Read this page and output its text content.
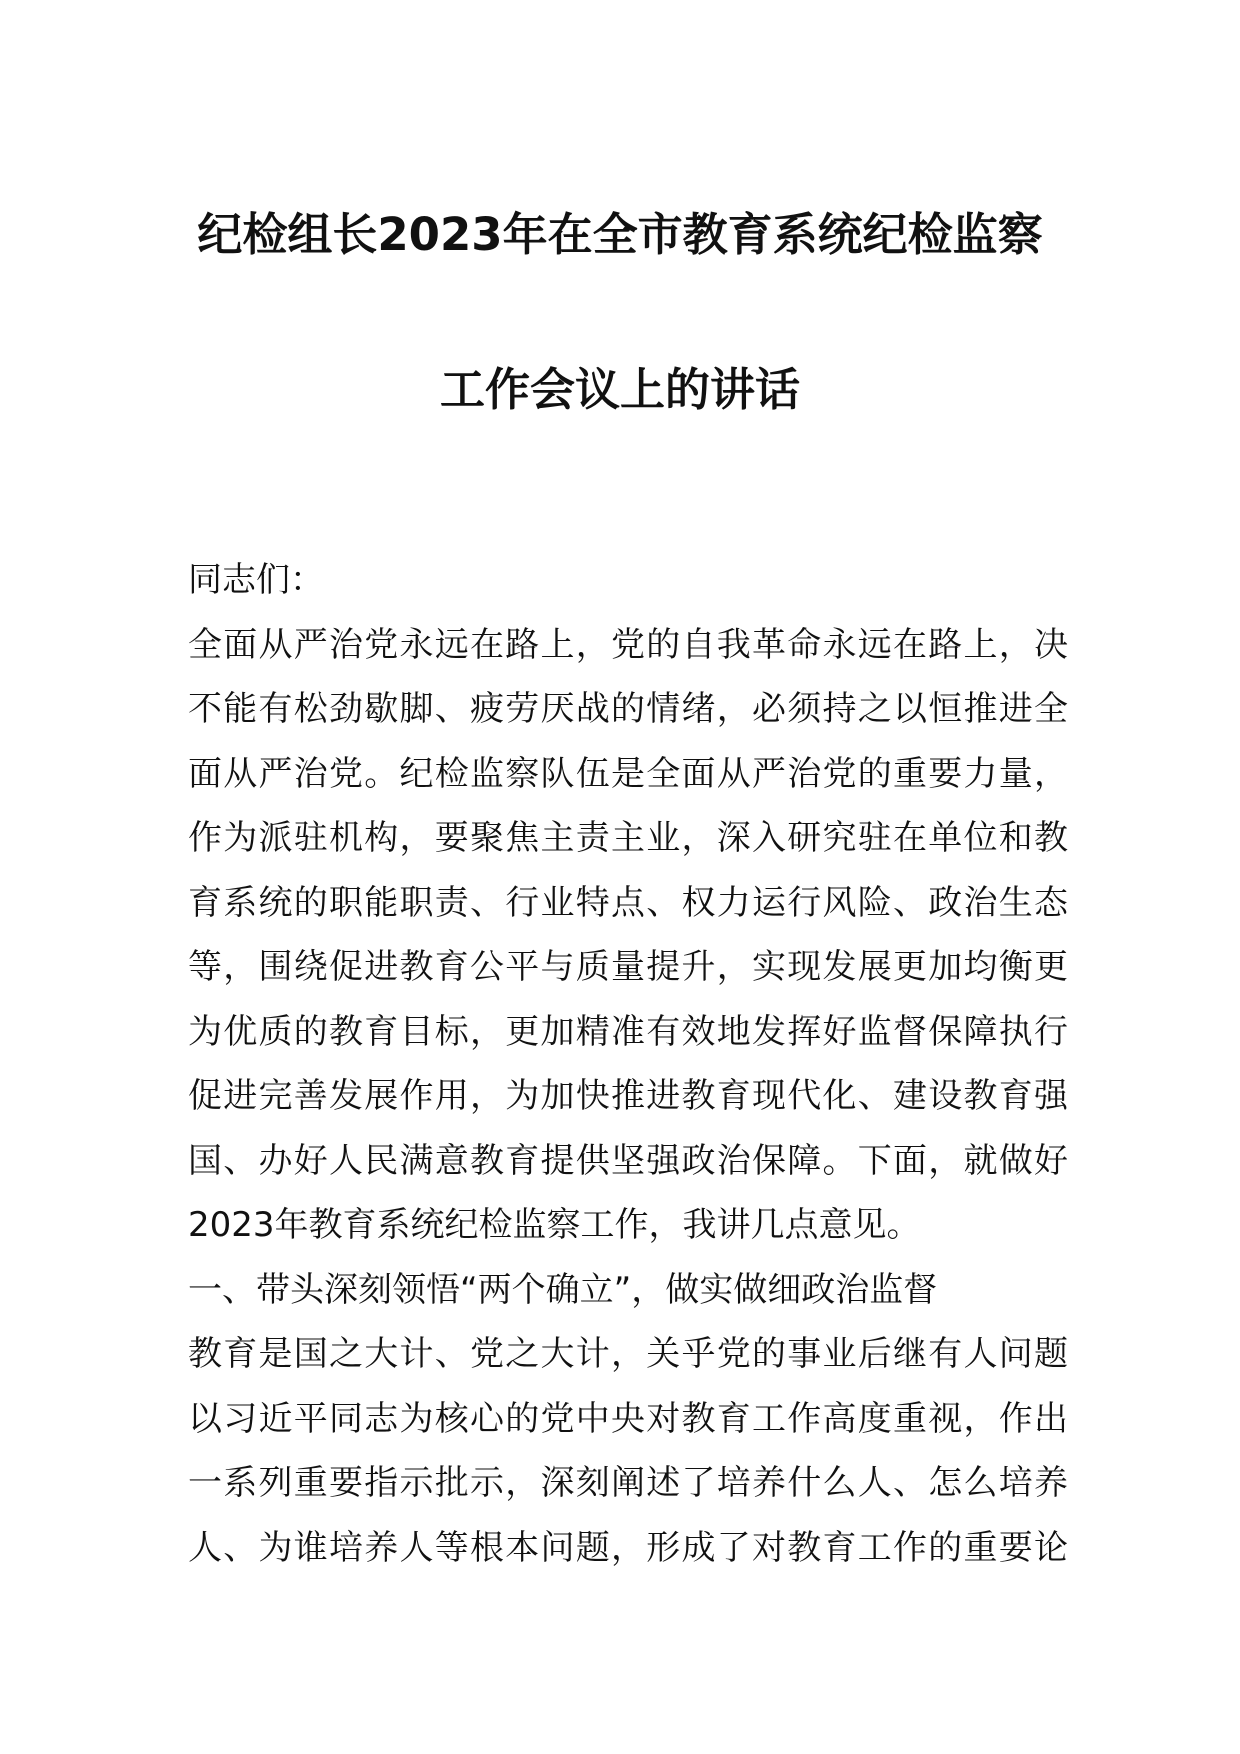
纪检组长2023年在全市教育系统纪检监察
工作会议上的讲话
同志们：
全面从严治党永远在路上，党的自我革命永远在路上，决
不能有松劲歇脚、疲劳厌战的情绪，必须持之以恒推进全
面从严治党。纪检监察队伍是全面从严治党的重要力量，
作为派驻机构，要聚焦主责主业，深入研究驻在单位和教
育系统的职能职责、行业特点、权力运行风险、政治生态
等，围绕促进教育公平与质量提升，实现发展更加均衡更
为优质的教育目标，更加精准有效地发挥好监督保障执行
促进完善发展作用，为加快推进教育现代化、建设教育强
国、办好人民满意教育提供坚强政治保障。下面，就做好
2023年教育系统纪检监察工作，我讲几点意见。
一、带头深刻领悟“两个确立”，做实做细政治监督
教育是国之大计、党之大计，关乎党的事业后继有人问题
以习近平同志为核心的党中央对教育工作高度重视，作出
一系列重要指示批示，深刻阐述了培养什么人、怎么培养
人、为谁培养人等根本问题，形成了对教育工作的重要论
